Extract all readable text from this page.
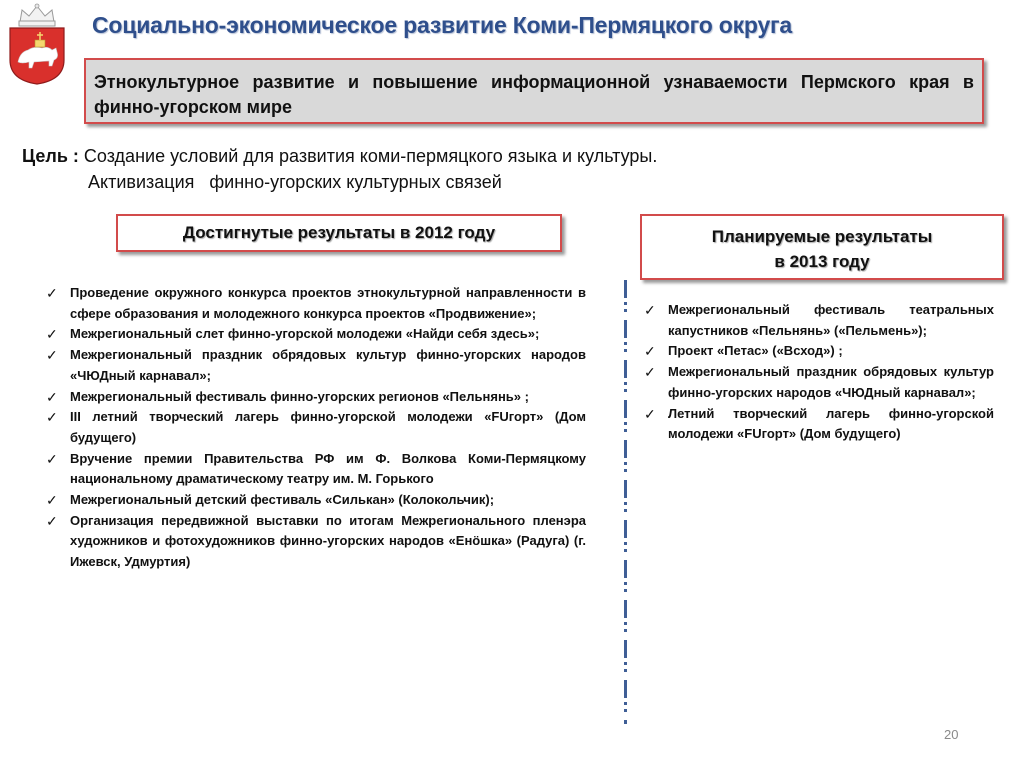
Социально-экономическое развитие Коми-Пермяцкого округа
Этнокультурное развитие и повышение информационной узнаваемости Пермского края в финно-угорском мире
Цель : Создание условий для развития коми-пермяцкого языка и культуры.
Активизация   финно-угорских культурных связей
Достигнутые результаты в 2012 году	Планируемые результаты
в 2013 году
✓ Проведение окружного конкурса проектов этнокультурной направленности в сфере образования и молодежного конкурса проектов «Продвижение»;
✓ Межрегиональный слет финно-угорской молодежи «Найди себя здесь»;
✓ Межрегиональный праздник обрядовых культур финно-угорских народов «ЧЮДный карнавал»;
✓ Межрегиональный фестиваль финно-угорских регионов «Пельнянь» ;
✓ III летний творческий лагерь финно-угорской молодежи «FUгорт» (Дом будущего)
✓ Вручение премии Правительства РФ им Ф. Волкова Коми-Пермяцкому национальному драматическому театру им. М. Горького
✓ Межрегиональный детский фестиваль «Силькан» (Колокольчик);
✓ Организация передвижной выставки по итогам Межрегионального пленэра художников и фотохудожников финно-угорских народов «Енöшка» (Радуга) (г. Ижевск, Удмуртия)
✓ Межрегиональный фестиваль театральных капустников «Пельнянь» («Пельмень»);
✓ Проект «Петас» («Всход») ;
✓ Межрегиональный праздник обрядовых культур финно-угорских народов «ЧЮДный карнавал»;
✓ Летний творческий лагерь финно-угорской молодежи «FUгорт» (Дом будущего)
20
